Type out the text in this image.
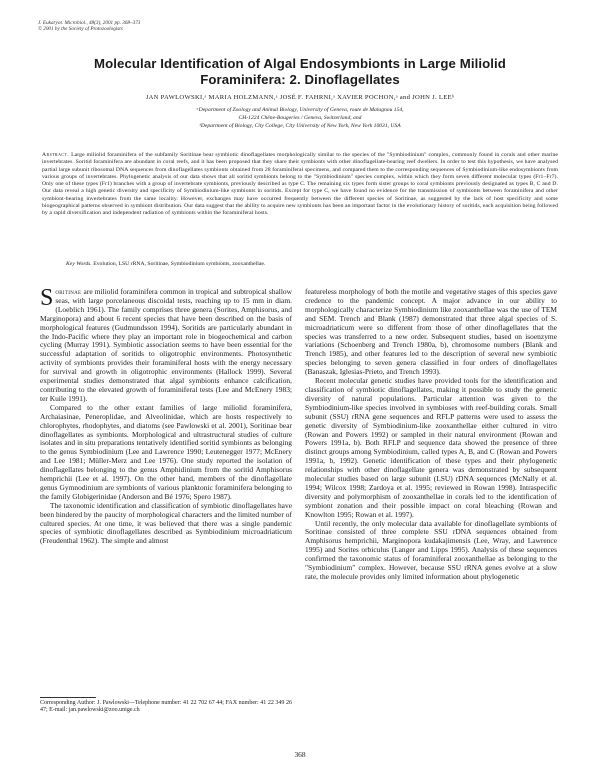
J. Eukaryot. Microbiol., 48(3), 2001 pp. 368–373
© 2001 by the Society of Protozoologists
Molecular Identification of Algal Endosymbionts in Large Miliolid
Foraminifera: 2. Dinoflagellates
JAN PAWLOWSKI,ᵃ MARIA HOLZMANN,ᵃ JOSÉ F. FAHRNI,ᵃ XAVIER POCHON,ᵃ and JOHN J. LEEᵇ
ᵃDepartment of Zoology and Animal Biology, University of Geneva, route de Malagnou 154,
CH-1224 Chêne-Bougeries / Geneva, Switzerland, and
ᵇDepartment of Biology, City College, City University of New York, New York 10031, USA
Abstract. Large miliolid foraminifera of the subfamily Soritinae bear symbiotic dinoflagellates morphologically similar to the species of the "Symbiodinium" complex, commonly found in corals and other marine invertebrates. Soritid foraminifera are abundant in coral reefs, and it has been proposed that they share their symbionts with other dinoflagellate-bearing reef dwellers. In order to test this hypothesis, we have analysed partial large subunit ribosomal DNA sequences from dinoflagellates symbionts obtained from 28 foraminiferal specimens, and compared them to the corresponding sequences of Symbiodinium-like endosymbionts from various groups of invertebrates. Phylogenetic analysis of our data shows that all soritid symbionts belong to the "Symbiodinium" species complex, within which they form seven different molecular types (Fr1–Fr7). Only one of these types (Fr1) branches with a group of invertebrate symbionts, previously described as type C. The remaining six types form sister groups to coral symbionts previously designated as types B, C and D. Our data reveal a high genetic diversity and specificity of Symbiodinium-like symbionts in soritids. Except for type C, we have found no evidence for the transmission of symbionts between foraminifera and other symbiont-bearing invertebrates from the same locality. However, exchanges may have occurred frequently between the different species of Soritinae, as suggested by the lack of host specificity and some biogeographical patterns observed in symbiont distribution. Our data suggest that the ability to acquire new symbionts has been an important factor in the evolutionary history of soritids, each acquisition being followed by a rapid diversification and independent radiation of symbionts within the foraminiferal hosts.
Key Words. Evolution, LSU rRNA, Soritinae, Symbiodinium symbionts, zooxanthellae.

Soritinae are miliolid foraminifera common in tropical and subtropical shallow seas, with large porcelaneous discoidal tests, reaching up to 15 mm in diam. (Loeblich 1961). The family comprises three genera (Sorites, Amphisorus, and Marginopora) and about 6 recent species that have been described on the basis of morphological features (Gudmundsson 1994). Soritids are particularly abundant in the Indo-Pacific where they play an important role in biogeochemical and carbon cycling (Murray 1991). Symbiotic association seems to have been essential for the successful adaptation of soritids to oligotrophic environments. Photosynthetic activity of symbionts provides their foraminiferal hosts with the energy necessary for survival and growth in oligotrophic environments (Hallock 1999). Several experimental studies demonstrated that algal symbionts enhance calcification, contributing to the elevated growth of foraminiferal tests (Lee and McEnery 1983; ter Kuile 1991).

Compared to the other extant families of large miliolid foraminifera, Archaiasinae, Peneroplidae, and Alveolinidae, which are hosts respectively to chlorophytes, rhodophytes, and diatoms (see Pawlowski et al. 2001), Soritinae bear dinoflagellates as symbionts. Morphological and ultrastructural studies of culture isolates and in situ preparations tentatively identified soritid symbionts as belonging to the genus Symbiodinium (Lee and Lawrence 1990; Leutenegger 1977; McEnery and Lee 1981; Müller-Merz and Lee 1976). One study reported the isolation of dinoflagellates belonging to the genus Amphidinium from the soritid Amphisorus hemprichii (Lee et al. 1997). On the other hand, members of the dinoflagellate genus Gymnodinium are symbionts of various planktonic foraminifera belonging to the family Globigerinidae (Anderson and Bé 1976; Spero 1987).

The taxonomic identification and classification of symbiotic dinoflagellates have been hindered by the paucity of morphological characters and the limited number of cultured species. At one time, it was believed that there was a single pandemic species of symbiotic dinoflagellates described as Symbiodinium microadriaticum (Freudenthal 1962). The simple and almost

featureless morphology of both the motile and vegetative stages of this species gave credence to the pandemic concept. A major advance in our ability to morphologically characterize Symbiodinium like zooxanthellae was the use of TEM and SEM. Trench and Blank (1987) demonstrated that three algal species of S. microadriaticum were so different from those of other dinoflagellates that the species was transferred to a new order. Subsequent studies, based on isoenzyme variations (Schoenberg and Trench 1980a, b), chromosome numbers (Blank and Trench 1985), and other features led to the description of several new symbiotic species belonging to seven genera classified in four orders of dinoflagellates (Banaszak, Iglesias-Prieto, and Trench 1993).

Recent molecular genetic studies have provided tools for the identification and classification of symbiotic dinoflagellates, making it possible to study the genetic diversity of natural populations. Particular attention was given to the Symbiodinium-like species involved in symbioses with reef-building corals. Small subunit (SSU) rRNA gene sequences and RFLP patterns were used to assess the genetic diversity of Symbiodinium-like zooxanthellae either cultured in vitro (Rowan and Powers 1992) or sampled in their natural environment (Rowan and Powers 1991a, b). Both RFLP and sequence data showed the presence of three distinct groups among Symbiodinium, called types A, B, and C (Rowan and Powers 1991a, b, 1992). Genetic identification of these types and their phylogenetic relationships with other dinoflagellate genera was demonstrated by subsequent molecular studies based on large subunit (LSU) rDNA sequences (McNally et al. 1994; Wilcox 1998; Zardoya et al. 1995; reviewed in Rowan 1998). Intraspecific diversity and polymorphism of zooxanthellae in corals led to the identification of symbiont zonation and their possible impact on coral bleaching (Rowan and Knowlton 1995; Rowan et al. 1997).

Until recently, the only molecular data available for dinoflagellate symbionts of Soritinae consisted of three complete SSU rDNA sequences obtained from Amphisorus hemprichii, Marginopora kudakajimensis (Lee, Wray, and Lawrence 1995) and Sorites orbiculus (Langer and Lipps 1995). Analysis of these sequences confirmed the taxonomic status of foraminiferal zooxanthellae as belonging to the "Symbiodinium" complex. However, because SSU rRNA genes evolve at a slow rate, the molecule provides only limited information about phylogenetic

Corresponding Author: J. Pawlowski—Telephone number: 41 22 702 67 44; FAX number: 41 22 349 26 47; E-mail: jan.pawlowski@zoo.unige.ch
368
